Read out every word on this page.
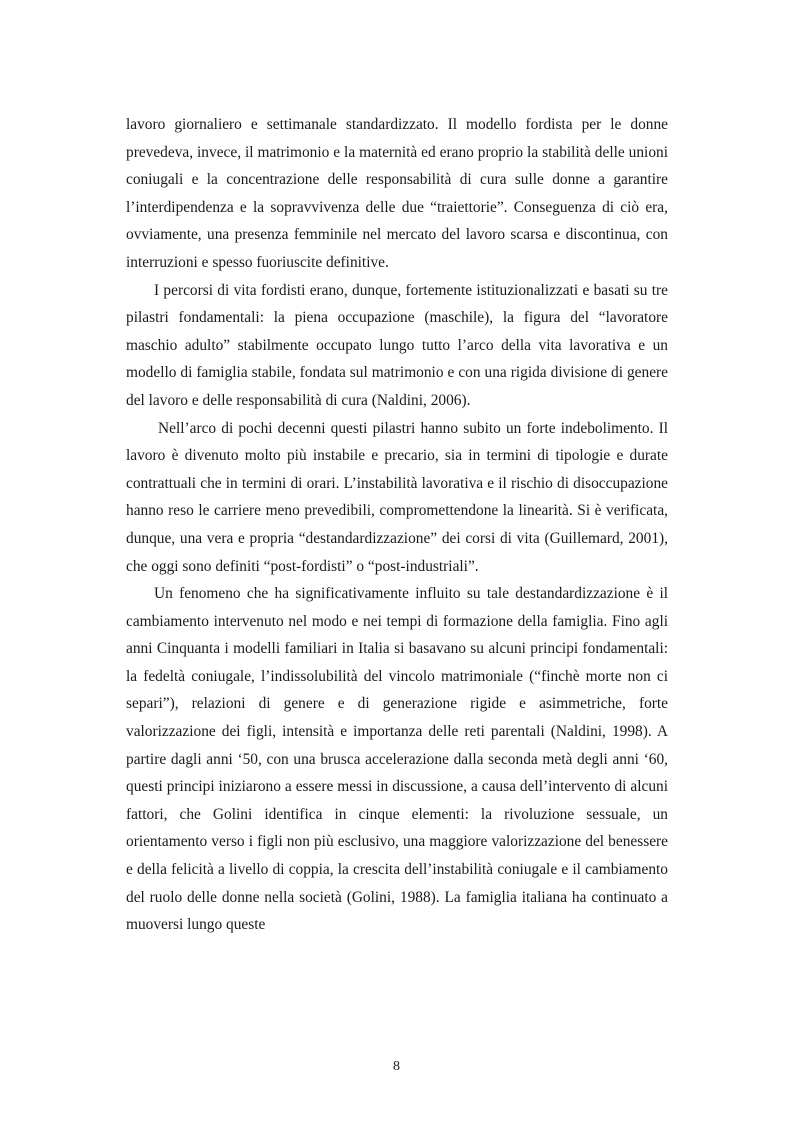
lavoro giornaliero e settimanale standardizzato. Il modello fordista per le donne prevedeva, invece, il matrimonio e la maternità ed erano proprio la stabilità delle unioni coniugali e la concentrazione delle responsabilità di cura sulle donne a garantire l’interdipendenza e la sopravvivenza delle due “traiettorie”. Conseguenza di ciò era, ovviamente, una presenza femminile nel mercato del lavoro scarsa e discontinua, con interruzioni e spesso fuoriuscite definitive.

I percorsi di vita fordisti erano, dunque, fortemente istituzionalizzati e basati su tre pilastri fondamentali: la piena occupazione (maschile), la figura del “lavoratore maschio adulto” stabilmente occupato lungo tutto l’arco della vita lavorativa e un modello di famiglia stabile, fondata sul matrimonio e con una rigida divisione di genere del lavoro e delle responsabilità di cura (Naldini, 2006).

Nell’arco di pochi decenni questi pilastri hanno subito un forte indebolimento. Il lavoro è divenuto molto più instabile e precario, sia in termini di tipologie e durate contrattuali che in termini di orari. L’instabilità lavorativa e il rischio di disoccupazione hanno reso le carriere meno prevedibili, compromettendone la linearità. Si è verificata, dunque, una vera e propria “destandardizzazione” dei corsi di vita (Guillemard, 2001), che oggi sono definiti “post-fordisti” o “post-industriali”.

Un fenomeno che ha significativamente influito su tale destandardizzazione è il cambiamento intervenuto nel modo e nei tempi di formazione della famiglia. Fino agli anni Cinquanta i modelli familiari in Italia si basavano su alcuni principi fondamentali: la fedeltà coniugale, l’indissolubilità del vincolo matrimoniale (“finchè morte non ci separi”), relazioni di genere e di generazione rigide e asimmetriche, forte valorizzazione dei figli, intensità e importanza delle reti parentali (Naldini, 1998). A partire dagli anni ‘50, con una brusca accelerazione dalla seconda metà degli anni ‘60, questi principi iniziarono a essere messi in discussione, a causa dell’intervento di alcuni fattori, che Golini identifica in cinque elementi: la rivoluzione sessuale, un orientamento verso i figli non più esclusivo, una maggiore valorizzazione del benessere e della felicità a livello di coppia, la crescita dell’instabilità coniugale e il cambiamento del ruolo delle donne nella società (Golini, 1988). La famiglia italiana ha continuato a muoversi lungo queste

8
